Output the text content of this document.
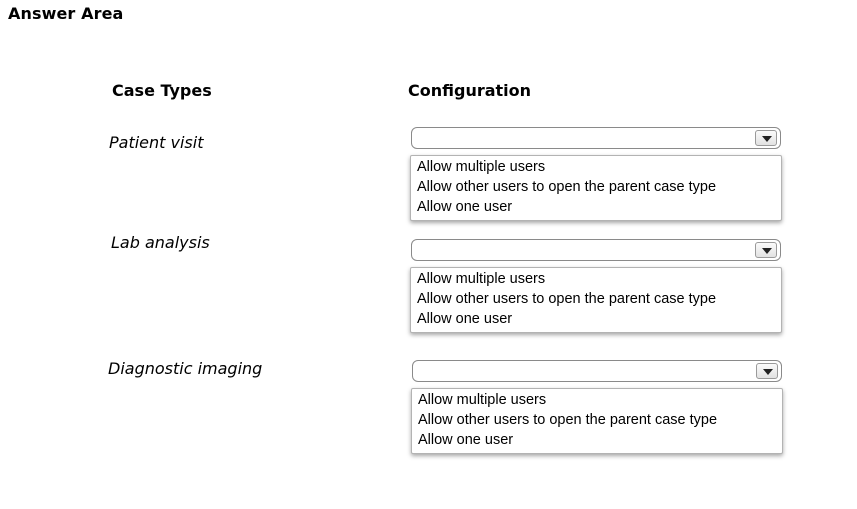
Answer Area
Case Types	Configuration
Patient visit
Allow multiple users
Allow other users to open the parent case type
Allow one user
Lab analysis
Allow multiple users
Allow other users to open the parent case type
Allow one user
Diagnostic imaging
Allow multiple users
Allow other users to open the parent case type
Allow one user
